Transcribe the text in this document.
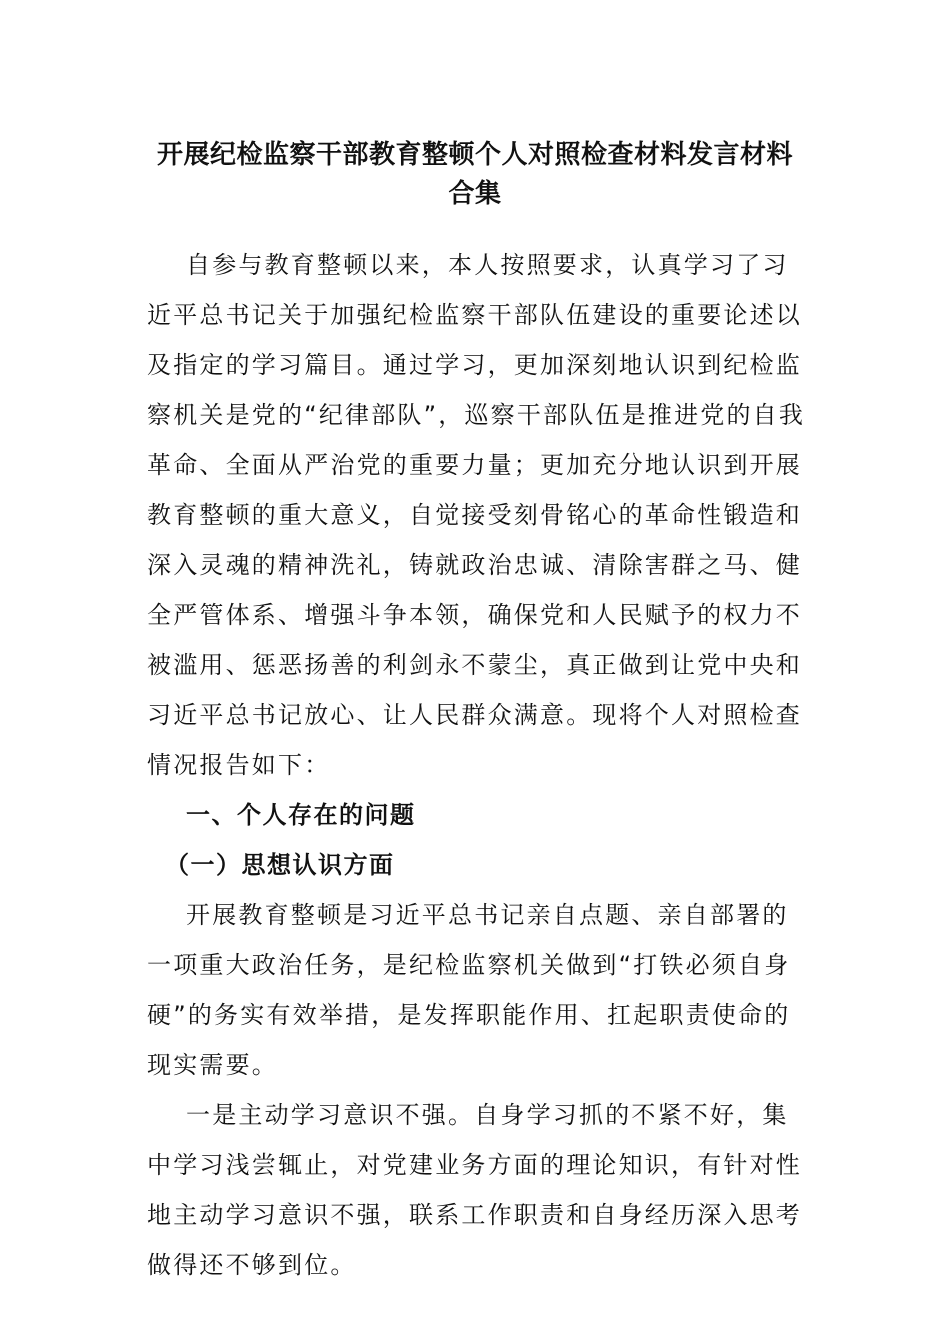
开展纪检监察干部教育整顿个人对照检查材料发言材料合集

自参与教育整顿以来，本人按照要求，认真学习了习近平总书记关于加强纪检监察干部队伍建设的重要论述以及指定的学习篇目。通过学习，更加深刻地认识到纪检监察机关是党的“纪律部队”，巡察干部队伍是推进党的自我革命、全面从严治党的重要力量；更加充分地认识到开展教育整顿的重大意义，自觉接受刻骨铭心的革命性锻造和深入灵魂的精神洗礼，铸就政治忠诚、清除害群之马、健全严管体系、增强斗争本领，确保党和人民赋予的权力不被滥用、惩恶扬善的利剑永不蒙尘，真正做到让党中央和习近平总书记放心、让人民群众满意。现将个人对照检查情况报告如下：

一、个人存在的问题

（一）思想认识方面

开展教育整顿是习近平总书记亲自点题、亲自部署的一项重大政治任务，是纪检监察机关做到“打铁必须自身硬”的务实有效举措，是发挥职能作用、扛起职责使命的现实需要。

一是主动学习意识不强。自身学习抓的不紧不好，集中学习浅尝辄止，对党建业务方面的理论知识，有针对性地主动学习意识不强，联系工作职责和自身经历深入思考做得还不够到位。
